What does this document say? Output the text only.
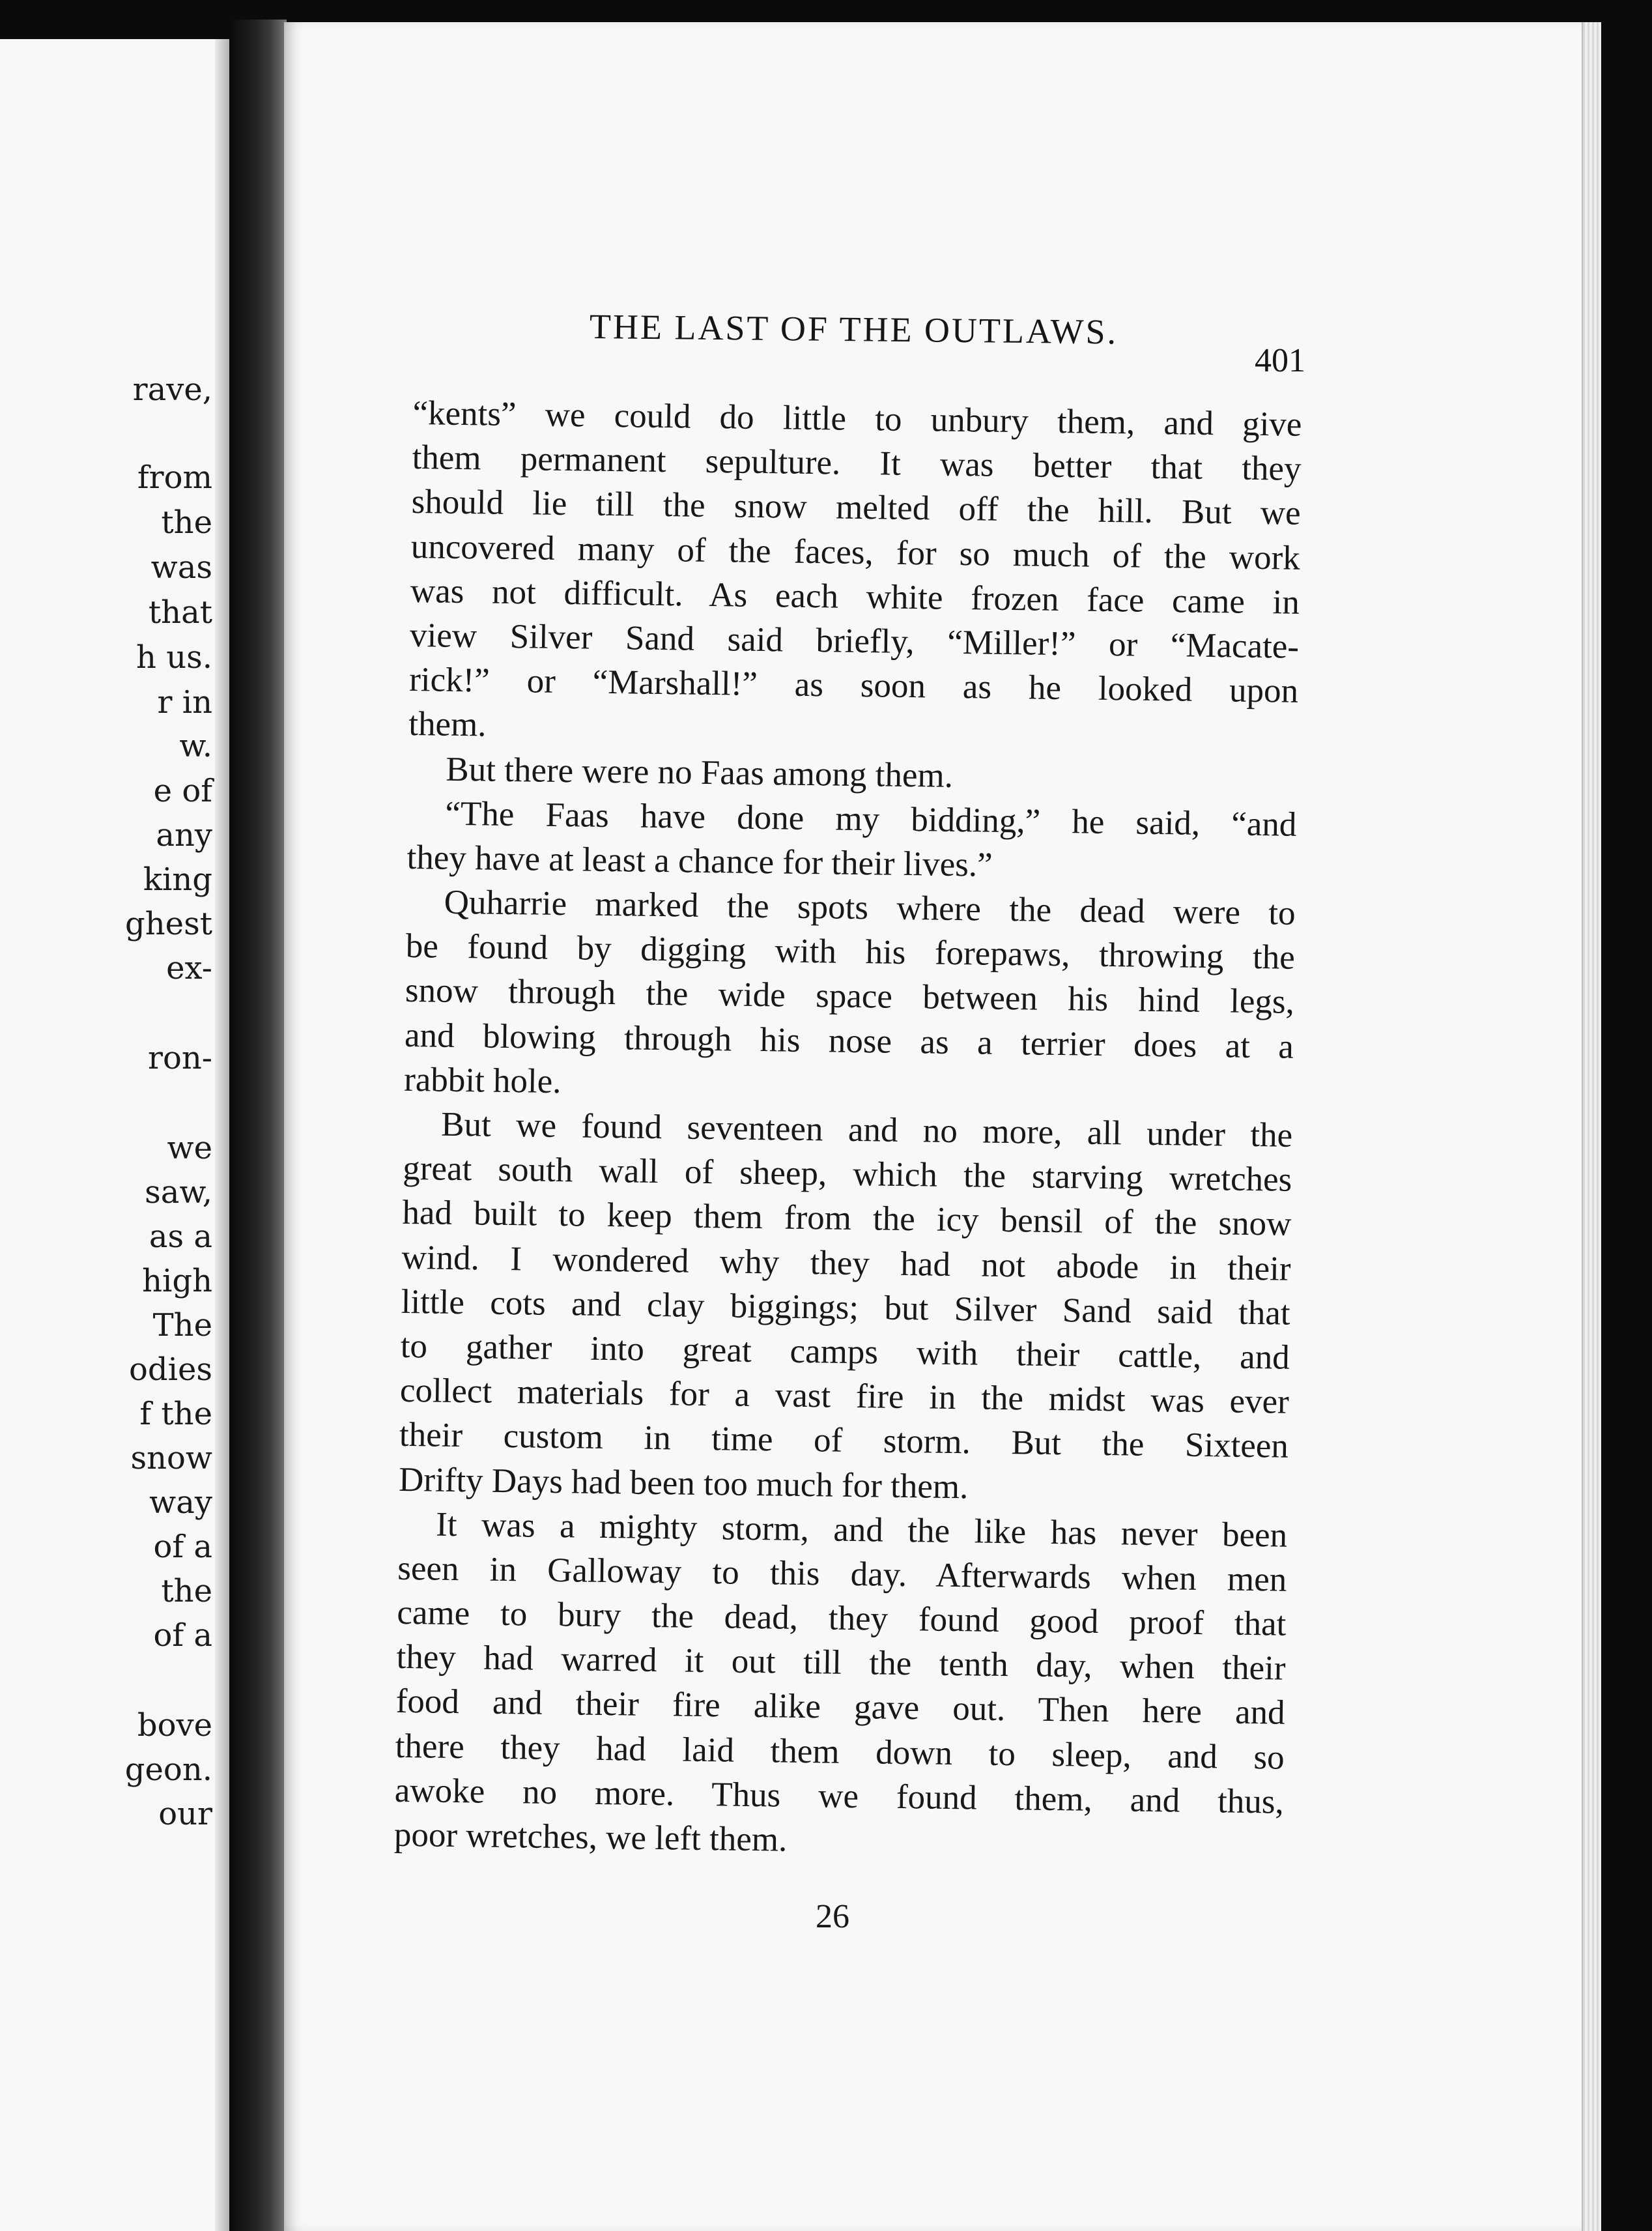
rave,
from
the
was
that
h us.
r in
w.
e of
any
king
ghest
ex-
ron-
we
saw,
as a
high
The
odies
f the
snow
way
of a
the
of a
bove
geon.
our
THE LAST OF THE OUTLAWS.
401
“kents” we could do little to unbury them, and give
them permanent sepulture. It was better that they
should lie till the snow melted off the hill. But we
uncovered many of the faces, for so much of the work
was not difficult. As each white frozen face came in
view Silver Sand said briefly, “Miller!” or “Macate-
rick!” or “Marshall!” as soon as he looked upon
them.
But there were no Faas among them.
“The Faas have done my bidding,” he said, “and
they have at least a chance for their lives.”
Quharrie marked the spots where the dead were to
be found by digging with his forepaws, throwing the
snow through the wide space between his hind legs,
and blowing through his nose as a terrier does at a
rabbit hole.
But we found seventeen and no more, all under the
great south wall of sheep, which the starving wretches
had built to keep them from the icy bensil of the snow
wind. I wondered why they had not abode in their
little cots and clay biggings; but Silver Sand said that
to gather into great camps with their cattle, and
collect materials for a vast fire in the midst was ever
their custom in time of storm. But the Sixteen
Drifty Days had been too much for them.
It was a mighty storm, and the like has never been
seen in Galloway to this day. Afterwards when men
came to bury the dead, they found good proof that
they had warred it out till the tenth day, when their
food and their fire alike gave out. Then here and
there they had laid them down to sleep, and so
awoke no more. Thus we found them, and thus,
poor wretches, we left them.
26
